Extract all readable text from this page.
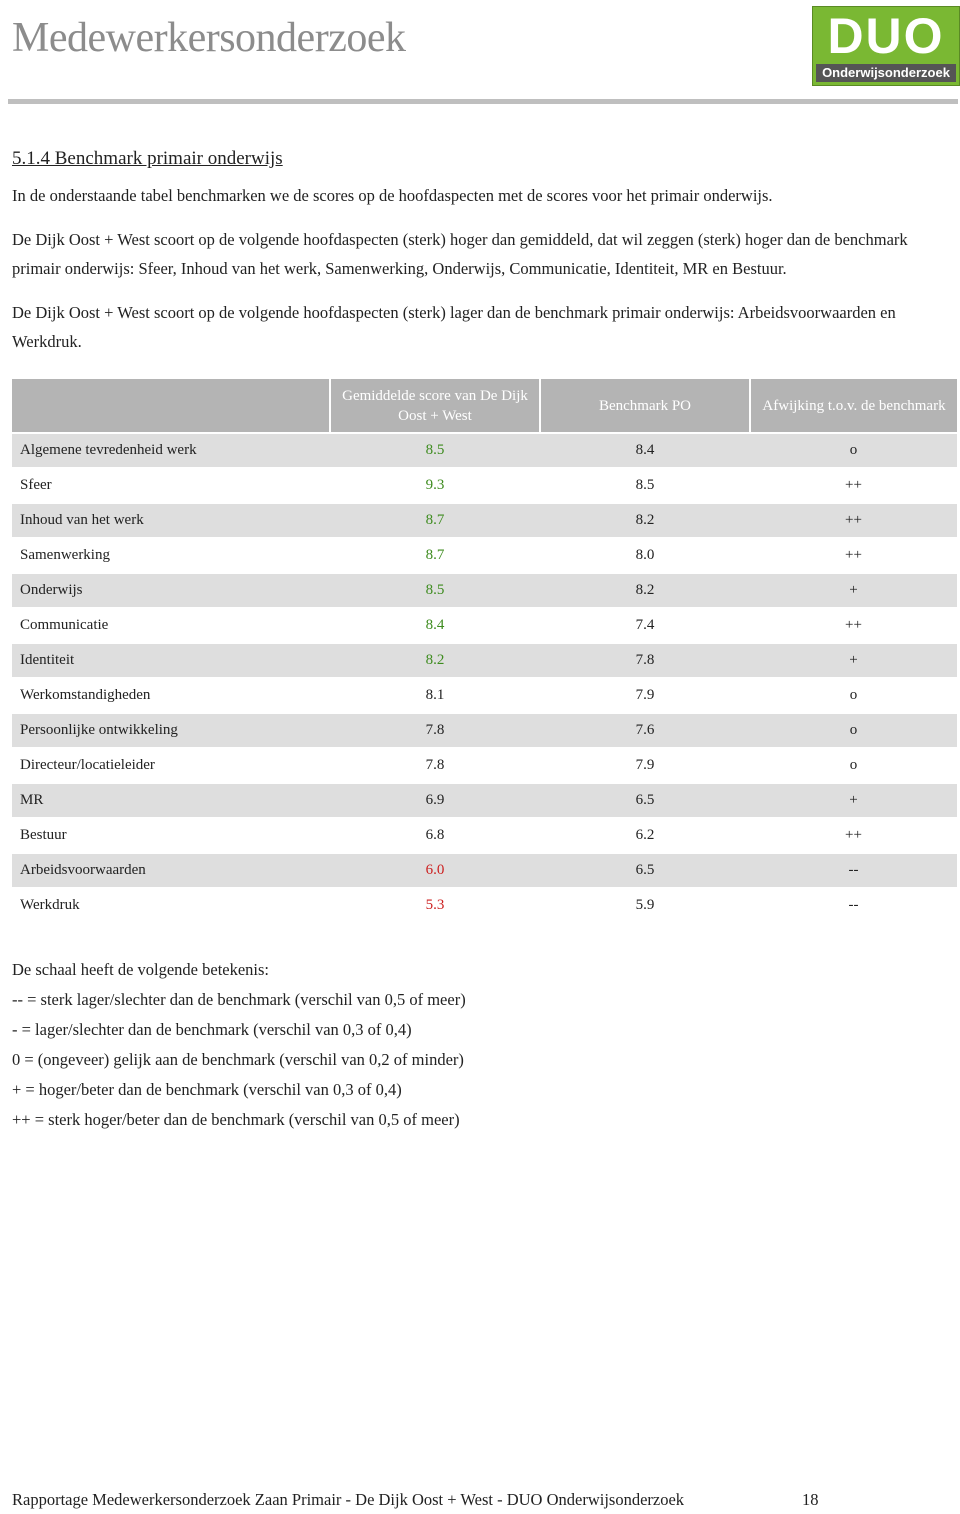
Medewerkersonderzoek	DUO
Onderwijsonderzoek
5.1.4 Benchmark primair onderwijs
In de onderstaande tabel benchmarken we de scores op de hoofdaspecten met de scores voor het primair onderwijs.
De Dijk Oost + West scoort op de volgende hoofdaspecten (sterk) hoger dan gemiddeld, dat wil zeggen (sterk) hoger dan de benchmark primair onderwijs: Sfeer, Inhoud van het werk, Samenwerking, Onderwijs, Communicatie, Identiteit, MR en Bestuur.
De Dijk Oost + West scoort op de volgende hoofdaspecten (sterk) lager dan de benchmark primair onderwijs: Arbeidsvoorwaarden en Werkdruk.
	Gemiddelde score van De Dijk Oost + West	Benchmark PO	Afwijking t.o.v. de benchmark
Algemene tevredenheid werk	8.5	8.4	o
Sfeer	9.3	8.5	++
Inhoud van het werk	8.7	8.2	++
Samenwerking	8.7	8.0	++
Onderwijs	8.5	8.2	+
Communicatie	8.4	7.4	++
Identiteit	8.2	7.8	+
Werkomstandigheden	8.1	7.9	o
Persoonlijke ontwikkeling	7.8	7.6	o
Directeur/locatieleider	7.8	7.9	o
MR	6.9	6.5	+
Bestuur	6.8	6.2	++
Arbeidsvoorwaarden	6.0	6.5	--
Werkdruk	5.3	5.9	--
De schaal heeft de volgende betekenis:
-- = sterk lager/slechter dan de benchmark (verschil van 0,5 of meer)
- = lager/slechter dan de benchmark (verschil van 0,3 of 0,4)
0 = (ongeveer) gelijk aan de benchmark (verschil van 0,2 of minder)
+ = hoger/beter dan de benchmark (verschil van 0,3 of 0,4)
++ = sterk hoger/beter dan de benchmark (verschil van 0,5 of meer)
Rapportage Medewerkersonderzoek Zaan Primair - De Dijk Oost + West - DUO Onderwijsonderzoek	18
